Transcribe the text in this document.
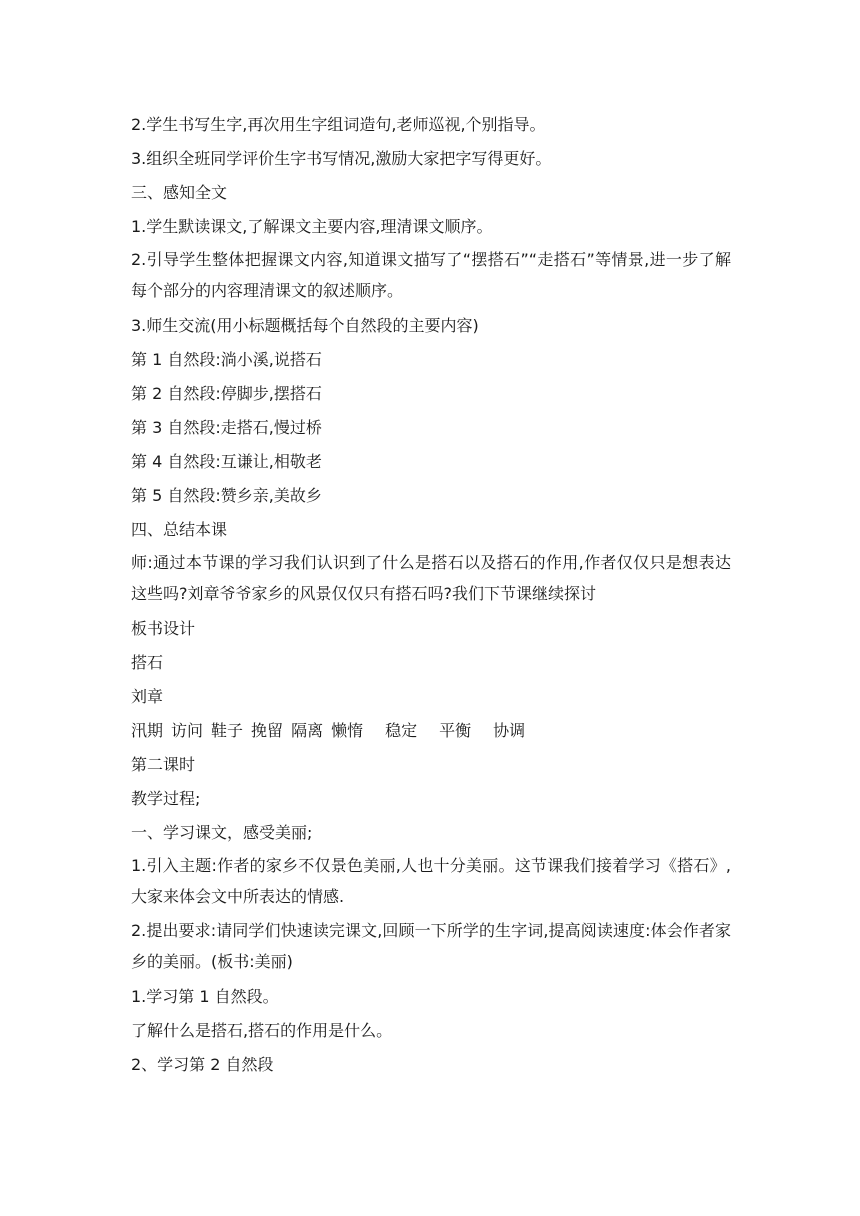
2.学生书写生字,再次用生字组词造句,老师巡视,个别指导。

3.组织全班同学评价生字书写情况,激励大家把字写得更好。

三、感知全文

1.学生默读课文,了解课文主要内容,理清课文顺序。

2.引导学生整体把握课文内容,知道课文描写了“摆搭石”“走搭石”等情景,进一步了解每个部分的内容理清课文的叙述顺序。

3.师生交流(用小标题概括每个自然段的主要内容)

第 1 自然段:淌小溪,说搭石

第 2 自然段:停脚步,摆搭石

第 3 自然段:走搭石,慢过桥

第 4 自然段:互谦让,相敬老

第 5 自然段:赞乡亲,美故乡

四、总结本课

师:通过本节课的学习我们认识到了什么是搭石以及搭石的作用,作者仅仅只是想表达这些吗?刘章爷爷家乡的风景仅仅只有搭石吗?我们下节课继续探讨

板书设计

搭石

刘章

汛期 访问 鞋子 挽留 隔离 懒惰 稳定 平衡 协调

第二课时

教学过程;

一、学习课文，感受美丽;

1.引入主题:作者的家乡不仅景色美丽,人也十分美丽。这节课我们接着学习《搭石》,大家来体会文中所表达的情感.

2.提出要求:请同学们快速读完课文,回顾一下所学的生字词,提高阅读速度:体会作者家乡的美丽。(板书:美丽)

1.学习第 1 自然段。

了解什么是搭石,搭石的作用是什么。

2、学习第 2 自然段
